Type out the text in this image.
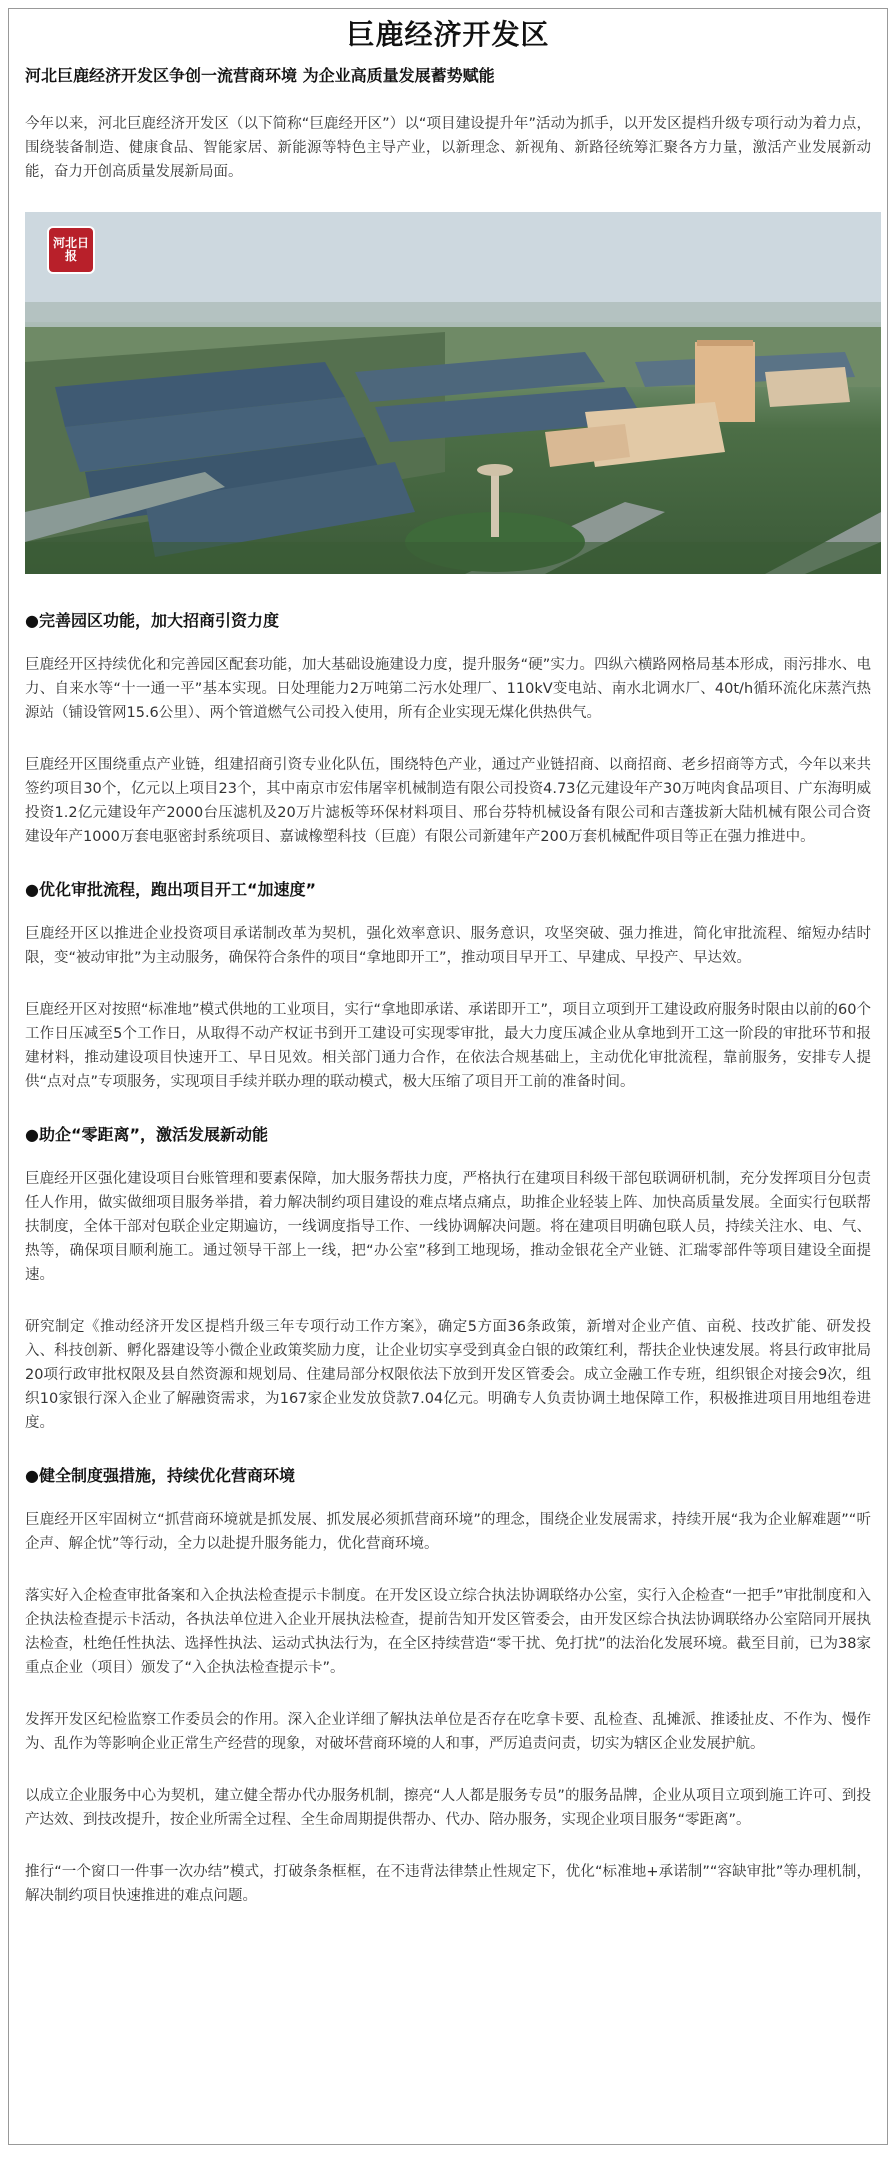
巨鹿经济开发区
河北巨鹿经济开发区争创一流营商环境 为企业高质量发展蓄势赋能

今年以来，河北巨鹿经济开发区（以下简称“巨鹿经开区”）以“项目建设提升年”活动为抓手，以开发区提档升级专项行动为着力点，围绕装备制造、健康食品、智能家居、新能源等特色主导产业，以新理念、新视角、新路径统筹汇聚各方力量，激活产业发展新动能，奋力开创高质量发展新局面。

河北日报
●完善园区功能，加大招商引资力度

巨鹿经开区持续优化和完善园区配套功能，加大基础设施建设力度，提升服务“硬”实力。四纵六横路网格局基本形成，雨污排水、电力、自来水等“十一通一平”基本实现。日处理能力2万吨第二污水处理厂、110kV变电站、南水北调水厂、40t/h循环流化床蒸汽热源站（铺设管网15.6公里）、两个管道燃气公司投入使用，所有企业实现无煤化供热供气。

巨鹿经开区围绕重点产业链，组建招商引资专业化队伍，围绕特色产业，通过产业链招商、以商招商、老乡招商等方式，今年以来共签约项目30个，亿元以上项目23个，其中南京市宏伟屠宰机械制造有限公司投资4.73亿元建设年产30万吨肉食品项目、广东海明威投资1.2亿元建设年产2000台压滤机及20万片滤板等环保材料项目、邢台芬特机械设备有限公司和吉蓬拔新大陆机械有限公司合资建设年产1000万套电驱密封系统项目、嘉诚橡塑科技（巨鹿）有限公司新建年产200万套机械配件项目等正在强力推进中。

●优化审批流程，跑出项目开工“加速度”

巨鹿经开区以推进企业投资项目承诺制改革为契机，强化效率意识、服务意识，攻坚突破、强力推进，简化审批流程、缩短办结时限，变“被动审批”为主动服务，确保符合条件的项目“拿地即开工”，推动项目早开工、早建成、早投产、早达效。

巨鹿经开区对按照“标准地”模式供地的工业项目，实行“拿地即承诺、承诺即开工”，项目立项到开工建设政府服务时限由以前的60个工作日压减至5个工作日，从取得不动产权证书到开工建设可实现零审批，最大力度压减企业从拿地到开工这一阶段的审批环节和报建材料，推动建设项目快速开工、早日见效。相关部门通力合作，在依法合规基础上，主动优化审批流程，靠前服务，安排专人提供“点对点”专项服务，实现项目手续并联办理的联动模式，极大压缩了项目开工前的准备时间。

●助企“零距离”，激活发展新动能

巨鹿经开区强化建设项目台账管理和要素保障，加大服务帮扶力度，严格执行在建项目科级干部包联调研机制，充分发挥项目分包责任人作用，做实做细项目服务举措，着力解决制约项目建设的难点堵点痛点，助推企业轻装上阵、加快高质量发展。全面实行包联帮扶制度，全体干部对包联企业定期遍访，一线调度指导工作、一线协调解决问题。将在建项目明确包联人员，持续关注水、电、气、热等，确保项目顺利施工。通过领导干部上一线，把“办公室”移到工地现场，推动金银花全产业链、汇瑞零部件等项目建设全面提速。

研究制定《推动经济开发区提档升级三年专项行动工作方案》，确定5方面36条政策，新增对企业产值、亩税、技改扩能、研发投入、科技创新、孵化器建设等小微企业政策奖励力度，让企业切实享受到真金白银的政策红利，帮扶企业快速发展。将县行政审批局20项行政审批权限及县自然资源和规划局、住建局部分权限依法下放到开发区管委会。成立金融工作专班，组织银企对接会9次，组织10家银行深入企业了解融资需求，为167家企业发放贷款7.04亿元。明确专人负责协调土地保障工作，积极推进项目用地组卷进度。

●健全制度强措施，持续优化营商环境

巨鹿经开区牢固树立“抓营商环境就是抓发展、抓发展必须抓营商环境”的理念，围绕企业发展需求，持续开展“我为企业解难题”“听企声、解企忧”等行动，全力以赴提升服务能力，优化营商环境。

落实好入企检查审批备案和入企执法检查提示卡制度。在开发区设立综合执法协调联络办公室，实行入企检查“一把手”审批制度和入企执法检查提示卡活动，各执法单位进入企业开展执法检查，提前告知开发区管委会，由开发区综合执法协调联络办公室陪同开展执法检查，杜绝任性执法、选择性执法、运动式执法行为，在全区持续营造“零干扰、免打扰”的法治化发展环境。截至目前，已为38家重点企业（项目）颁发了“入企执法检查提示卡”。

发挥开发区纪检监察工作委员会的作用。深入企业详细了解执法单位是否存在吃拿卡要、乱检查、乱摊派、推诿扯皮、不作为、慢作为、乱作为等影响企业正常生产经营的现象，对破坏营商环境的人和事，严厉追责问责，切实为辖区企业发展护航。

以成立企业服务中心为契机，建立健全帮办代办服务机制，擦亮“人人都是服务专员”的服务品牌，企业从项目立项到施工许可、到投产达效、到技改提升，按企业所需全过程、全生命周期提供帮办、代办、陪办服务，实现企业项目服务“零距离”。

推行“一个窗口一件事一次办结”模式，打破条条框框，在不违背法律禁止性规定下，优化“标准地+承诺制”“容缺审批”等办理机制，解决制约项目快速推进的难点问题。
